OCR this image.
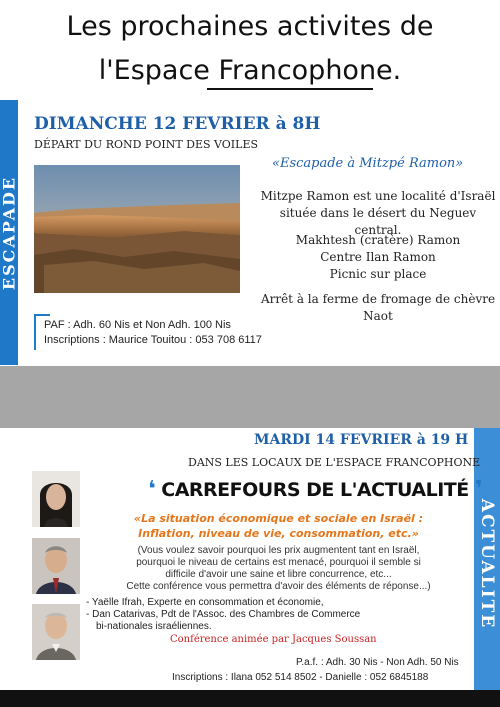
Les prochaines activites de
l'Espace Francophone.
ESCAPADE
DIMANCHE 12 FEVRIER à 8H
DÉPART DU ROND POINT DES VOILES
«Escapade à Mitzpé Ramon»
Mitzpe Ramon est une localité d'Israël
située dans le désert du Neguev central.
Makhtesh (cratère) Ramon
Centre Ilan Ramon
Picnic sur place
Arrêt à la ferme de fromage de chèvre Naot
PAF : Adh. 60 Nis et Non Adh. 100 Nis
Inscriptions : Maurice Touitou : 053 708 6117
ACTUALITE
MARDI 14 FEVRIER à 19 H
DANS LES LOCAUX DE L'ESPACE FRANCOPHONE
❛ CARREFOURS DE L'ACTUALITÉ ❜
«La situation économique et sociale en Israël :
Inflation, niveau de vie, consommation, etc.»
(Vous voulez savoir pourquoi les prix augmentent tant en Israël,
pourquoi le niveau de certains est menacé, pourquoi il semble si
difficile d'avoir une saine et libre concurrence, etc...
Cette conférence vous permettra d'avoir des éléments de réponse...)
- Yaëlle Ifrah, Experte en consommation et économie,
- Dan Catarivas, Pdt de l'Assoc. des Chambres de Commerce
bi-nationales israéliennes.
Conférence animée par Jacques Soussan
P.a.f. : Adh. 30 Nis - Non Adh. 50 Nis
Inscriptions : Ilana 052 514 8502 - Danielle : 052 6845188
